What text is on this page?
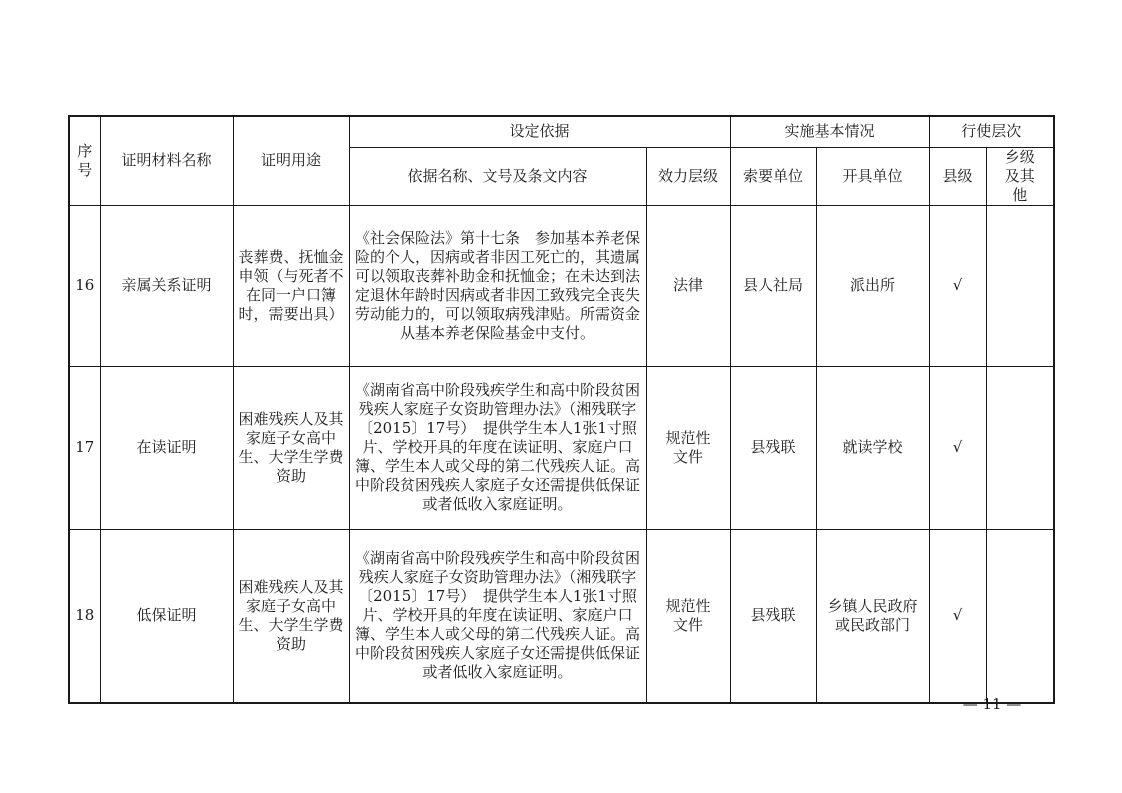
序号	证明材料名称	证明用途	设定依据		实施基本情况		行使层次	
			依据名称、文号及条文内容	效力层级	索要单位	开具单位	县级	乡级及其他

16	亲属关系证明	丧葬费、抚恤金申领（与死者不在同一户口簿时，需要出具）	《社会保险法》第十七条　参加基本养老保险的个人，因病或者非因工死亡的，其遗属可以领取丧葬补助金和抚恤金；在未达到法定退休年龄时因病或者非因工致残完全丧失劳动能力的，可以领取病残津贴。所需资金从基本养老保险基金中支付。	法律	县人社局	派出所	√	
17	在读证明	困难残疾人及其家庭子女高中生、大学生学费资助	《湖南省高中阶段残疾学生和高中阶段贫困残疾人家庭子女资助管理办法》（湘残联字〔2015〕17号）　提供学生本人1张1寸照片、学校开具的年度在读证明、家庭户口簿、学生本人或父母的第二代残疾人证。高中阶段贫困残疾人家庭子女还需提供低保证或者低收入家庭证明。	规范性文件	县残联	就读学校	√	
18	低保证明	困难残疾人及其家庭子女高中生、大学生学费资助	《湖南省高中阶段残疾学生和高中阶段贫困残疾人家庭子女资助管理办法》（湘残联字〔2015〕17号）　提供学生本人1张1寸照片、学校开具的年度在读证明、家庭户口簿、学生本人或父母的第二代残疾人证。高中阶段贫困残疾人家庭子女还需提供低保证或者低收入家庭证明。	规范性文件	县残联	乡镇人民政府或民政部门	√	
— 11 —
